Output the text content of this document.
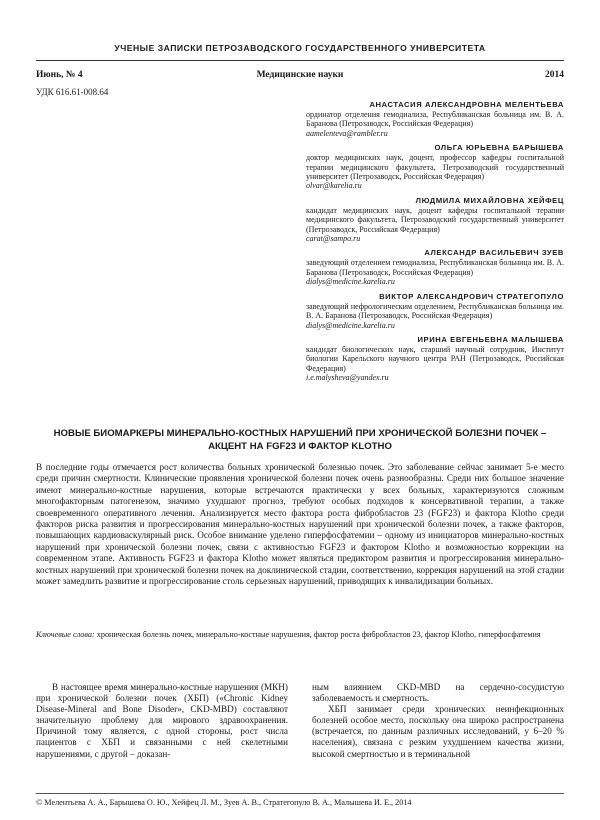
УЧЕНЫЕ ЗАПИСКИ ПЕТРОЗАВОДСКОГО ГОСУДАРСТВЕННОГО УНИВЕРСИТЕТА
Июнь, № 4	Медицинские науки	2014
УДК 616.61-008.64
АНАСТАСИЯ АЛЕКСАНДРОВНА МЕЛЕНТЬЕВА
ординатор отделения гемодиализа, Республиканская больница им. В. А. Баранова (Петрозаводск, Российская Федерация)
aamelenteva@rambler.ru
ОЛЬГА ЮРЬЕВНА БАРЫШЕВА
доктор медицинских наук, доцент, профессор кафедры госпитальной терапии медицинского факультета, Петрозаводский государственный университет (Петрозаводск, Российская Федерация)
olvar@karelia.ru
ЛЮДМИЛА МИХАЙЛОВНА ХЕЙФЕЦ
кандидат медицинских наук, доцент кафедры госпитальной терапии медицинского факультета, Петрозаводский государственный университет (Петрозаводск, Российская Федерация)
carat@sampo.ru
АЛЕКСАНДР ВАСИЛЬЕВИЧ ЗУЕВ
заведующий отделением гемодиализа, Республиканская больница им. В. А. Баранова (Петрозаводск, Российская Федерация)
dialys@medicine.karelia.ru
ВИКТОР АЛЕКСАНДРОВИЧ СТРАТЕГОПУЛО
заведующий нефрологическим отделением, Республиканская больница им. В. А. Баранова (Петрозаводск, Российская Федерация)
dialys@medicine.karelia.ru
ИРИНА ЕВГЕНЬЕВНА МАЛЫШЕВА
кандидат биологических наук, старший научный сотрудник, Институт биологии Карельского научного центра РАН (Петрозаводск, Российская Федерация)
i.e.malysheva@yandex.ru
НОВЫЕ БИОМАРКЕРЫ МИНЕРАЛЬНО-КОСТНЫХ НАРУШЕНИЙ ПРИ ХРОНИЧЕСКОЙ БОЛЕЗНИ ПОЧЕК – АКЦЕНТ НА FGF23 И ФАКТОР KLOTHO
В последние годы отмечается рост количества больных хронической болезнью почек. Это заболевание сейчас занимает 5-е место среди причин смертности. Клинические проявления хронической болезни почек очень разнообразны. Среди них большое значение имеют минерально-костные нарушения, которые встречаются практически у всех больных, характеризуются сложным многофакторным патогенезом, значимо ухудшают прогноз, требуют особых подходов к консервативной терапии, а также своевременного оперативного лечения. Анализируется место фактора роста фибробластов 23 (FGF23) и фактора Klotho среди факторов риска развития и прогрессирования минерально-костных нарушений при хронической болезни почек, а также факторов, повышающих кардиоваскулярный риск. Особое внимание уделено гиперфосфатемии – одному из инициаторов минерально-костных нарушений при хронической болезни почек, связи с активностью FGF23 и фактором Klotho и возможностью коррекции на современном этапе. Активность FGF23 и фактора Klotho может являться предиктором развития и прогрессирования минерально-костных нарушений при хронической болезни почек на доклинической стадии, соответственно, коррекция нарушений на этой стадии может замедлить развитие и прогрессирование столь серьезных нарушений, приводящих к инвалидизации больных.
Ключевые слова: хроническая болезнь почек, минерально-костные нарушения, фактор роста фибробластов 23, фактор Klotho, гиперфосфатемия

В настоящее время минерально-костные нарушения (МКН) при хронической болезни почек (ХБП) («Chronic Kidney Disease-Mineral and Bone Disoder», CKD-MBD) составляют значительную проблему для мирового здравоохранения. Причиной тому является, с одной стороны, рост числа пациентов с ХБП и связанными с ней скелетными нарушениями, с другой – доказан-

ным влиянием CKD-MBD на сердечно-сосудистую заболеваемость и смертность.

ХБП занимает среди хронических неинфекционных болезней особое место, поскольку она широко распространена (встречается, по данным различных исследований, у 6–20 % населения), связана с резким ухудшением качества жизни, высокой смертностью и в терминальной

© Мелентьева А. А., Барышева О. Ю., Хейфец Л. М., Зуев А. В., Стратегопуло В. А., Малышева И. Е., 2014
